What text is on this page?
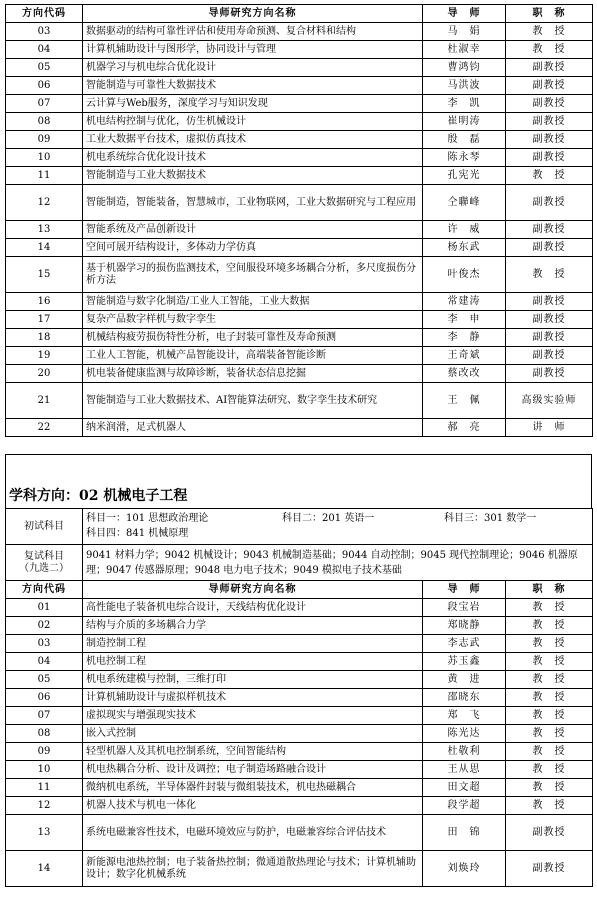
方向代码	导师研究方向名称	导　师	职　称
03	数据驱动的结构可靠性评估和使用寿命预测、复合材料和结构	马　娟	教　授
04	计算机辅助设计与图形学，协同设计与管理	杜淑幸	教　授
05	机器学习与机电综合优化设计	曹鸿钧	副教授
06	智能制造与可靠性大数据技术	马洪波	副教授
07	云计算与Web服务，深度学习与知识发现	李　凯	副教授
08	机电结构控制与优化，仿生机械设计	崔明涛	副教授
09	工业大数据平台技术，虚拟仿真技术	殷　磊	副教授
10	机电系统综合优化设计技术	陈永琴	副教授
11	智能制造与工业大数据技术	孔宪光	教　授
12	智能制造，智能装备，智慧城市，工业物联网，工业大数据研究与工程应用	仝聯峰	副教授
13	智能系统及产品创新设计	许　威	副教授
14	空间可展开结构设计，多体动力学仿真	杨东武	副教授
15	基于机器学习的损伤监测技术，空间服役环境多场耦合分析，多尺度损伤分析方法	叶俊杰	教　授
16	智能制造与数字化制造/工业人工智能，工业大数据	常建涛	副教授
17	复杂产品数字样机与数字孪生	李　申	副教授
18	机械结构疲劳损伤特性分析，电子封装可靠性及寿命预测	李　静	副教授
19	工业人工智能，机械产品智能设计，高端装备智能诊断	王奇斌	副教授
20	机电装备健康监测与故障诊断，装备状态信息挖掘	蔡改改	副教授
21	智能制造与工业大数据技术、AI智能算法研究、数字孪生技术研究	王　佩	高级实验师
22	纳米润滑，足式机器人	郝　亮	讲　师
学科方向：02 机械电子工程
初试科目	科目一：101 思想政治理论 科目二：201 英语一 科目三：301 数学一
科目四：841 机械原理

复试科目
（九选二）	9041 材料力学；9042 机械设计；9043 机械制造基础；9044 自动控制；9045 现代控制理论；9046 机器原理；9047 传感器原理；9048 电力电子技术；9049 模拟电子技术基础
方向代码	导师研究方向名称	导　师	职　称
01	高性能电子装备机电综合设计，天线结构优化设计	段宝岩	教　授
02	结构与介质的多场耦合力学	郑晓静	教　授
03	制造控制工程	李志武	教　授
04	机电控制工程	苏玉鑫	教　授
05	机电系统建模与控制，三维打印	黄　进	教　授
06	计算机辅助设计与虚拟样机技术	邵晓东	教　授
07	虚拟现实与增强现实技术	郑　飞	教　授
08	嵌入式控制	陈光达	教　授
09	轻型机器人及其机电控制系统，空间智能结构	杜敬利	教　授
10	机电热耦合分析、设计及调控；电子制造场路融合设计	王从思	教　授
11	微纳机电系统，半导体器件封装与微组装技术，机电热磁耦合	田文超	教　授
12	机器人技术与机电一体化	段学超	教　授
13	系统电磁兼容性技术，电磁环境效应与防护，电磁兼容综合评估技术	田　锦	副教授
14	新能源电池热控制；电子装备热控制；微通道散热理论与技术；计算机辅助设计；数字化机械系统	刘焕玲	副教授
